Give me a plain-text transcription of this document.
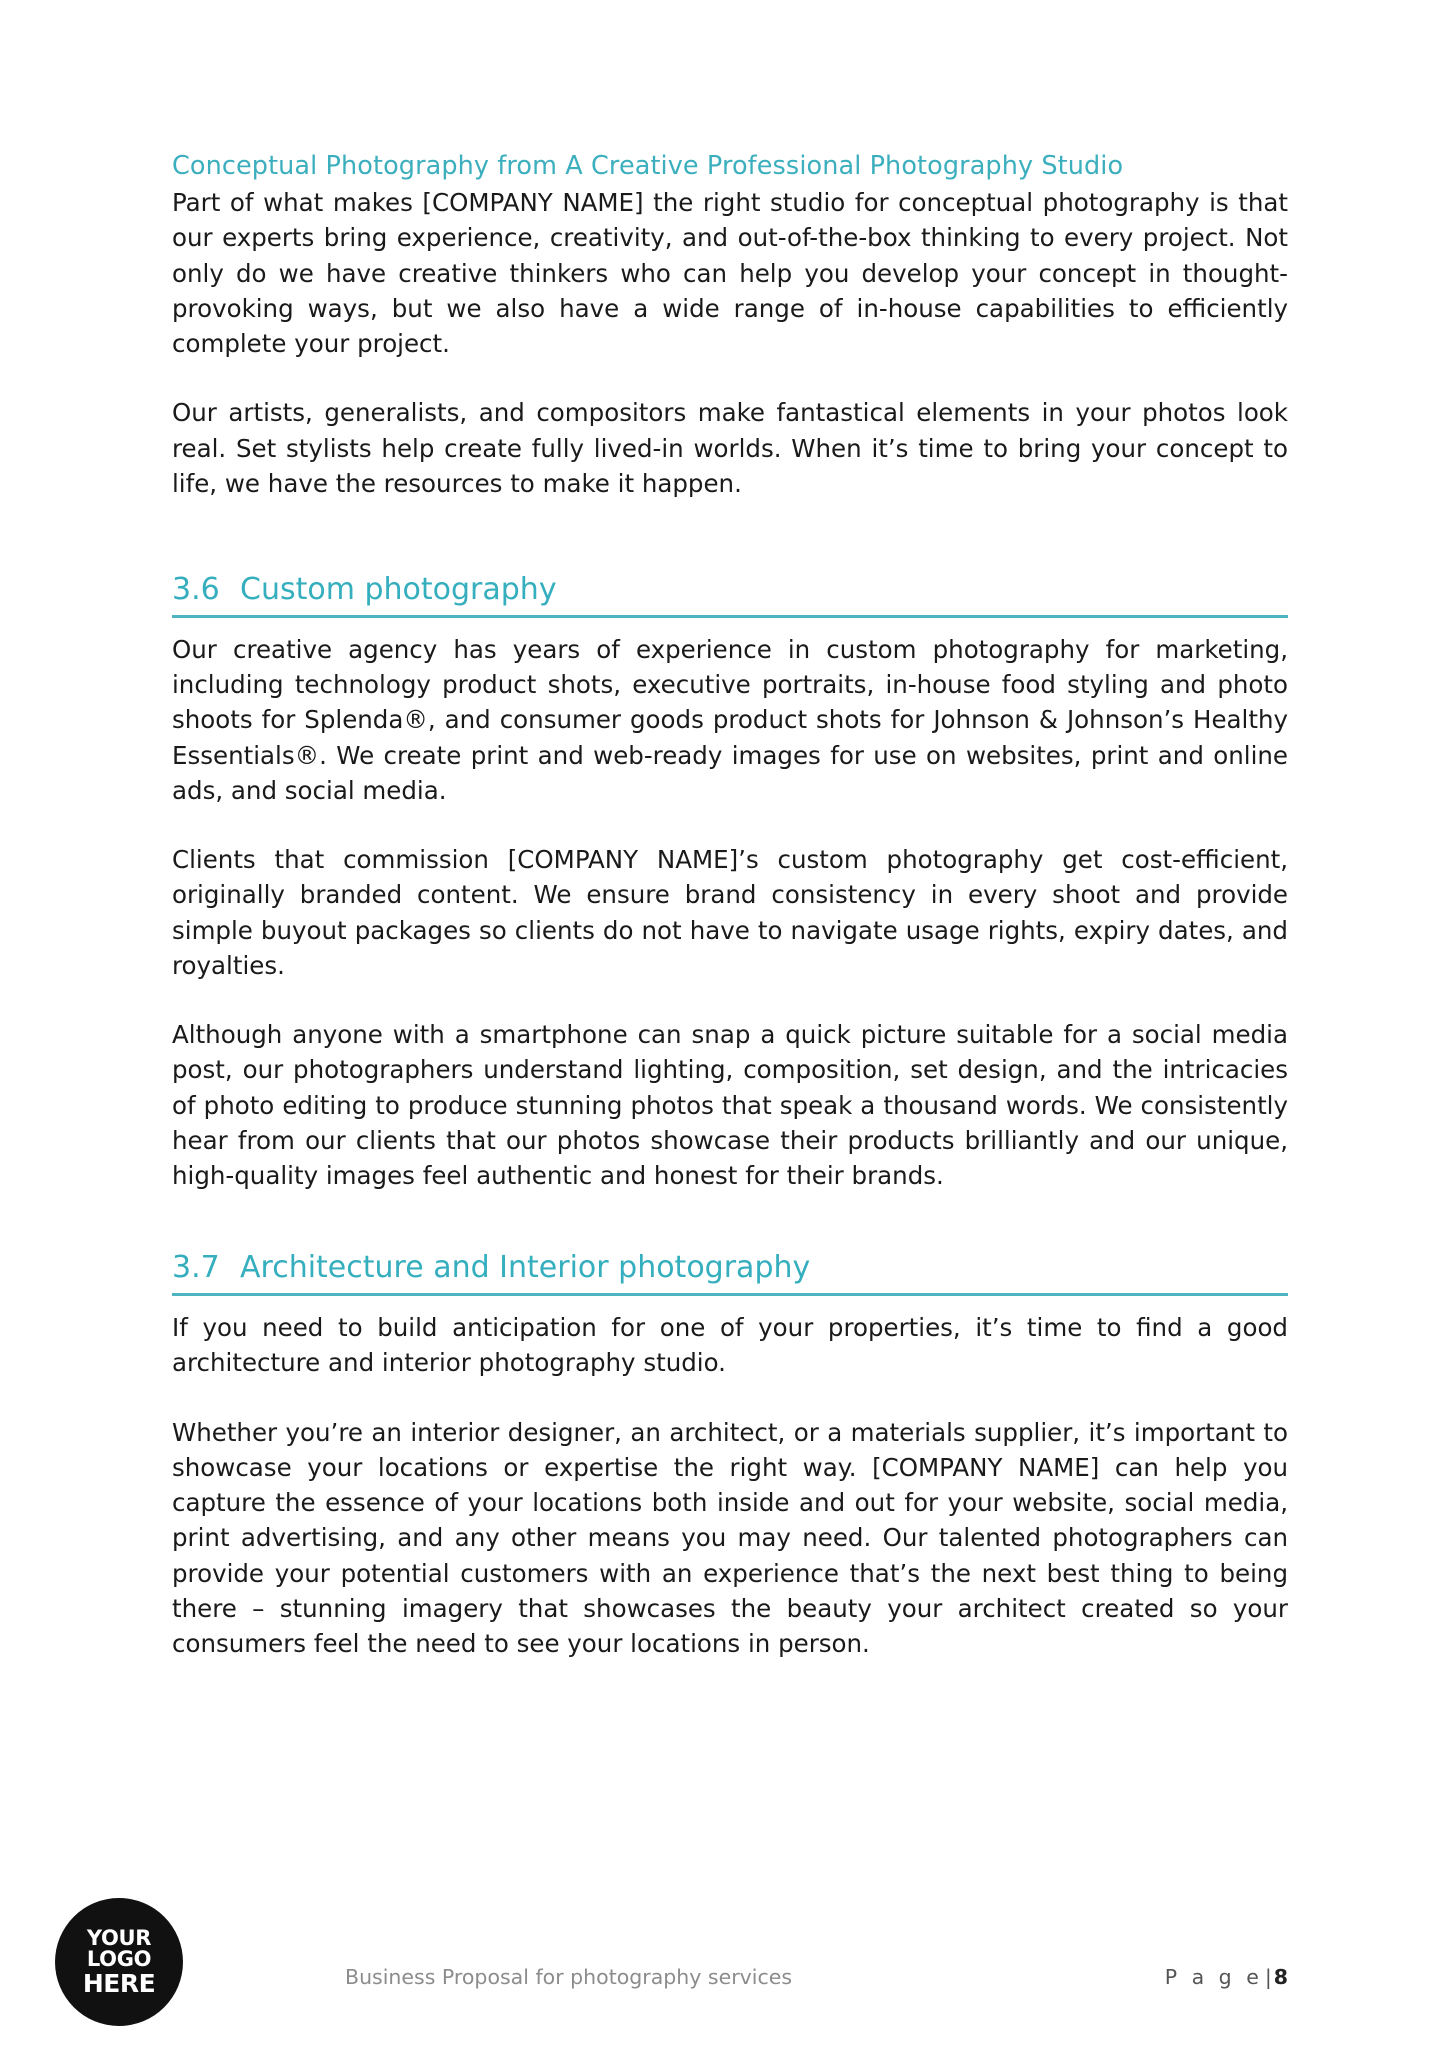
Conceptual Photography from A Creative Professional Photography Studio

Part of what makes [COMPANY NAME] the right studio for conceptual photography is that our experts bring experience, creativity, and out-of-the-box thinking to every project. Not only do we have creative thinkers who can help you develop your concept in thought-provoking ways, but we also have a wide range of in-house capabilities to efficiently complete your project.

Our artists, generalists, and compositors make fantastical elements in your photos look real. Set stylists help create fully lived-in worlds. When it’s time to bring your concept to life, we have the resources to make it happen.

3.6 Custom photography

Our creative agency has years of experience in custom photography for marketing, including technology product shots, executive portraits, in-house food styling and photo shoots for Splenda®, and consumer goods product shots for Johnson & Johnson’s Healthy Essentials®. We create print and web-ready images for use on websites, print and online ads, and social media.

Clients that commission [COMPANY NAME]’s custom photography get cost-efficient, originally branded content. We ensure brand consistency in every shoot and provide simple buyout packages so clients do not have to navigate usage rights, expiry dates, and royalties.

Although anyone with a smartphone can snap a quick picture suitable for a social media post, our photographers understand lighting, composition, set design, and the intricacies of photo editing to produce stunning photos that speak a thousand words. We consistently hear from our clients that our photos showcase their products brilliantly and our unique, high-quality images feel authentic and honest for their brands.

3.7 Architecture and Interior photography

If you need to build anticipation for one of your properties, it’s time to find a good architecture and interior photography studio.

Whether you’re an interior designer, an architect, or a materials supplier, it’s important to showcase your locations or expertise the right way. [COMPANY NAME] can help you capture the essence of your locations both inside and out for your website, social media, print advertising, and any other means you may need. Our talented photographers can provide your potential customers with an experience that’s the next best thing to being there – stunning imagery that showcases the beauty your architect created so your consumers feel the need to see your locations in person.

YOUR
LOGO
HERE	Business Proposal for photography services	P a g e|8
